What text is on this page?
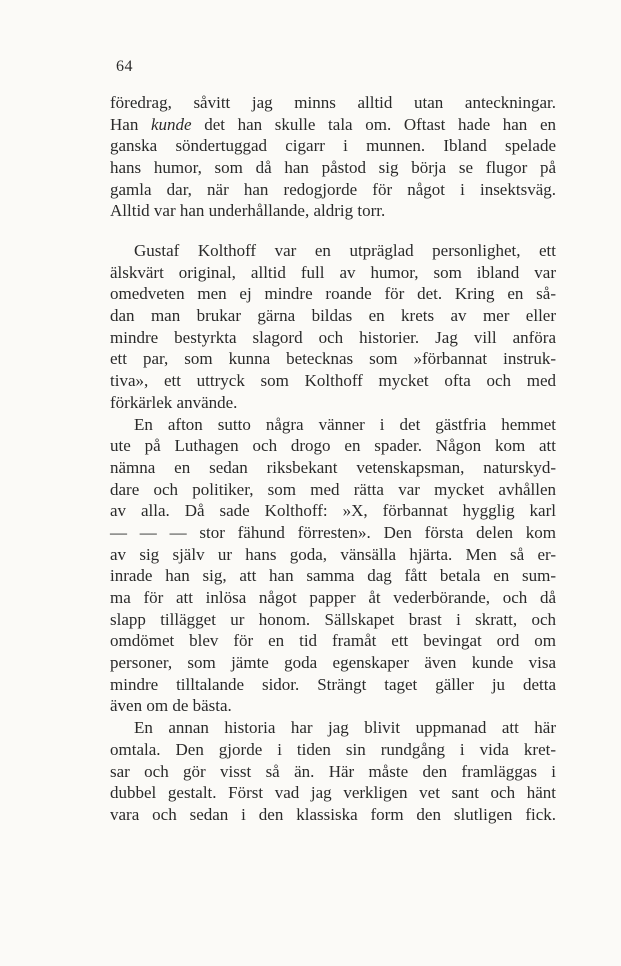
64
föredrag, såvitt jag minns alltid utan anteckningar.
Han kunde det han skulle tala om. Oftast hade han en
ganska söndertuggad cigarr i munnen. Ibland spelade
hans humor, som då han påstod sig börja se flugor på
gamla dar, när han redogjorde för något i insektsväg.
Alltid var han underhållande, aldrig torr.
Gustaf Kolthoff var en utpräglad personlighet, ett
älskvärt original, alltid full av humor, som ibland var
omedveten men ej mindre roande för det. Kring en så-
dan man brukar gärna bildas en krets av mer eller
mindre bestyrkta slagord och historier. Jag vill anföra
ett par, som kunna betecknas som »förbannat instruk-
tiva», ett uttryck som Kolthoff mycket ofta och med
förkärlek använde.
En afton sutto några vänner i det gästfria hemmet
ute på Luthagen och drogo en spader. Någon kom att
nämna en sedan riksbekant vetenskapsman, naturskyd-
dare och politiker, som med rätta var mycket avhållen
av alla. Då sade Kolthoff: »X, förbannat hygglig karl
— — — stor fähund förresten». Den första delen kom
av sig själv ur hans goda, vänsälla hjärta. Men så er-
inrade han sig, att han samma dag fått betala en sum-
ma för att inlösa något papper åt vederbörande, och då
slapp tillägget ur honom. Sällskapet brast i skratt, och
omdömet blev för en tid framåt ett bevingat ord om
personer, som jämte goda egenskaper även kunde visa
mindre tilltalande sidor. Strängt taget gäller ju detta
även om de bästa.
En annan historia har jag blivit uppmanad att här
omtala. Den gjorde i tiden sin rundgång i vida kret-
sar och gör visst så än. Här måste den framläggas i
dubbel gestalt. Först vad jag verkligen vet sant och hänt
vara och sedan i den klassiska form den slutligen fick.
